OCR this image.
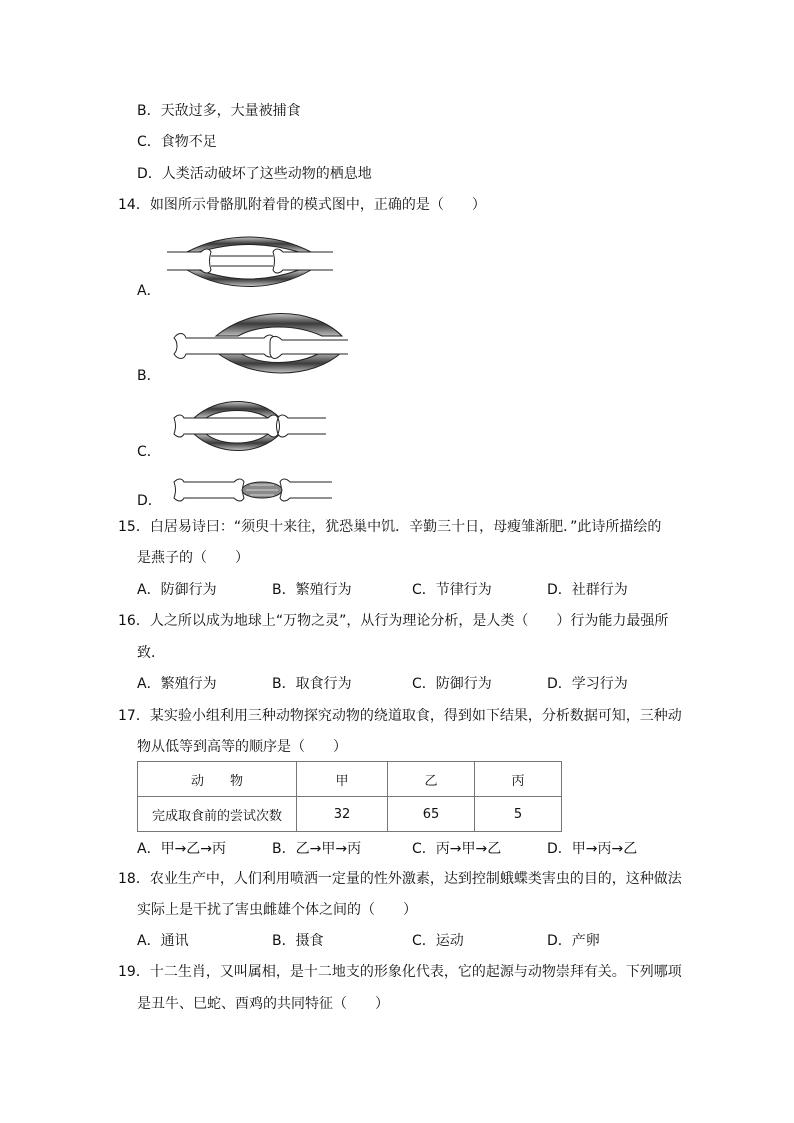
B．天敌过多，大量被捕食
C．食物不足
D．人类活动破坏了这些动物的栖息地
14．如图所示骨骼肌附着骨的模式图中，正确的是（　　）
A．
B．
C．
D．
15．白居易诗曰：“须臾十来往，犹恐巢中饥．辛勤三十日，母瘦雏渐肥．”此诗所描绘的
是燕子的（　　）
A．防御行为	B．繁殖行为	C．节律行为	D．社群行为
16．人之所以成为地球上“万物之灵”，从行为理论分析，是人类（　　）行为能力最强所
致．
A．繁殖行为	B．取食行为	C．防御行为	D．学习行为
17．某实验小组利用三种动物探究动物的绕道取食，得到如下结果，分析数据可知，三种动
物从低等到高等的顺序是（　　）
动　　物	甲	乙	丙
完成取食前的尝试次数	32	65	5
A．甲→乙→丙	B．乙→甲→丙	C．丙→甲→乙	D．甲→丙→乙
18．农业生产中，人们利用喷洒一定量的性外激素，达到控制蛾蝶类害虫的目的，这种做法
实际上是干扰了害虫雌雄个体之间的（　　）
A．通讯	B．摄食	C．运动	D．产卵
19．十二生肖，又叫属相，是十二地支的形象化代表，它的起源与动物崇拜有关。下列哪项
是丑牛、巳蛇、酉鸡的共同特征（　　）
